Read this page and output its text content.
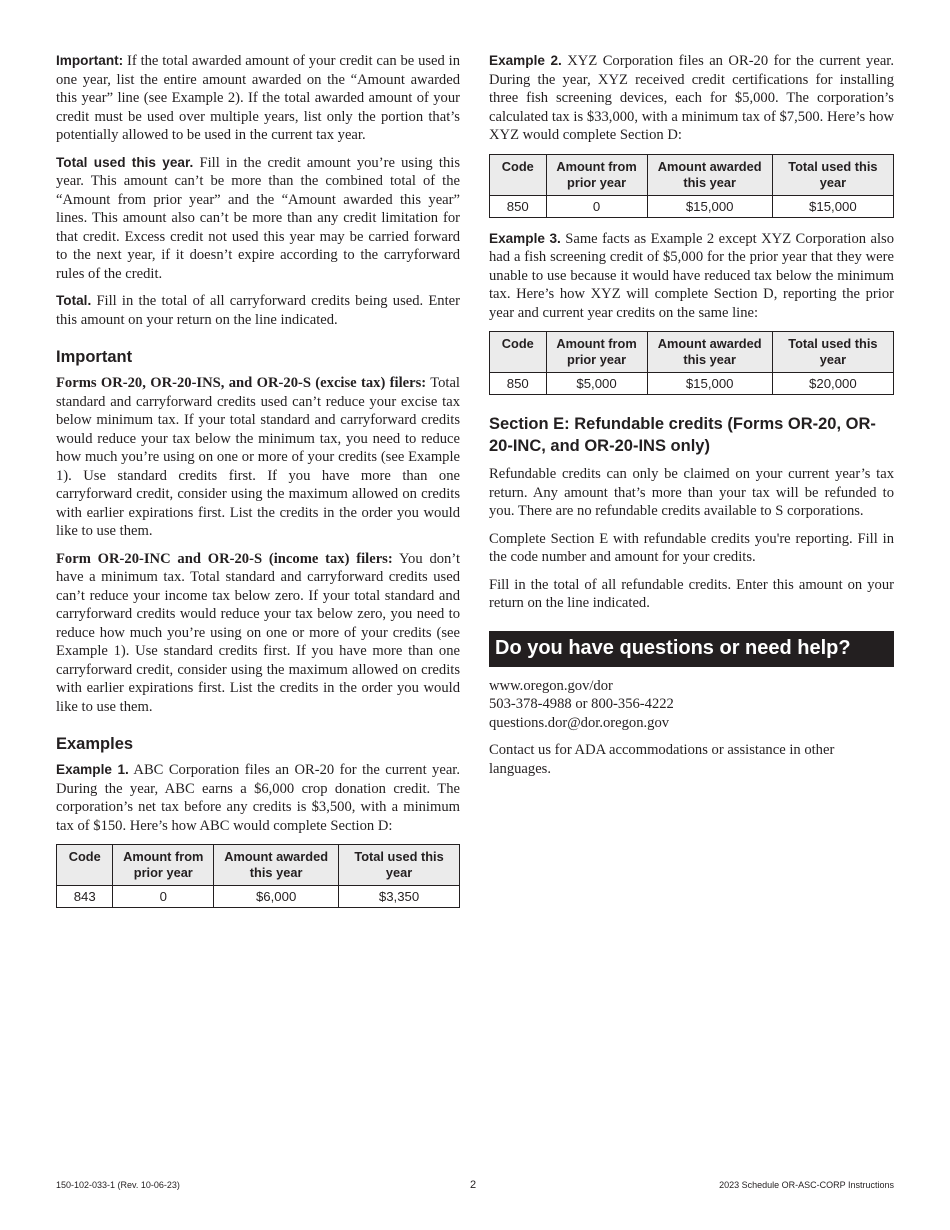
Important: If the total awarded amount of your credit can be used in one year, list the entire amount awarded on the “Amount awarded this year” line (see Example 2). If the total awarded amount of your credit must be used over multiple years, list only the portion that’s potentially allowed to be used in the current tax year.

Total used this year. Fill in the credit amount you’re using this year. This amount can’t be more than the combined total of the “Amount from prior year” and the “Amount awarded this year” lines. This amount also can’t be more than any credit limitation for that credit. Excess credit not used this year may be carried forward to the next year, if it doesn’t expire according to the carryforward rules of the credit.

Total. Fill in the total of all carryforward credits being used. Enter this amount on your return on the line indicated.

Important

Forms OR-20, OR-20-INS, and OR-20-S (excise tax) filers: Total standard and carryforward credits used can’t reduce your excise tax below minimum tax. If your total standard and carryforward credits would reduce your tax below the minimum tax, you need to reduce how much you’re using on one or more of your credits (see Example 1). Use standard credits first. If you have more than one carryforward credit, consider using the maximum allowed on credits with earlier expirations first. List the credits in the order you would like to use them.

Form OR-20-INC and OR-20-S (income tax) filers: You don’t have a minimum tax. Total standard and carryforward credits used can’t reduce your income tax below zero. If your total standard and carryforward credits would reduce your tax below zero, you need to reduce how much you’re using on one or more of your credits (see Example 1). Use standard credits first. If you have more than one carryforward credit, consider using the maximum allowed on credits with earlier expirations first. List the credits in the order you would like to use them.

Examples

Example 1. ABC Corporation files an OR-20 for the current year. During the year, ABC earns a $6,000 crop donation credit. The corporation’s net tax before any credits is $3,500, with a minimum tax of $150. Here’s how ABC would complete Section D:

Code	Amount from prior year	Amount awarded this year	Total used this year
843	0	$6,000	$3,350

Example 2. XYZ Corporation files an OR-20 for the current year. During the year, XYZ received credit certifications for installing three fish screening devices, each for $5,000. The corporation’s calculated tax is $33,000, with a minimum tax of $7,500. Here’s how XYZ would complete Section D:

Code	Amount from prior year	Amount awarded this year	Total used this year
850	0	$15,000	$15,000

Example 3. Same facts as Example 2 except XYZ Corporation also had a fish screening credit of $5,000 for the prior year that they were unable to use because it would have reduced tax below the minimum tax. Here’s how XYZ will complete Section D, reporting the prior year and current year credits on the same line:

Code	Amount from prior year	Amount awarded this year	Total used this year
850	$5,000	$15,000	$20,000
Section E: Refundable credits (Forms OR-20, OR-20-INC, and OR-20-INS only)

Refundable credits can only be claimed on your current year’s tax return. Any amount that’s more than your tax will be refunded to you. There are no refundable credits available to S corporations.

Complete Section E with refundable credits you're reporting. Fill in the code number and amount for your credits.

Fill in the total of all refundable credits. Enter this amount on your return on the line indicated.

Do you have questions or need help?

www.oregon.gov/dor

503-378-4988 or 800-356-4222

questions.dor@dor.oregon.gov

Contact us for ADA accommodations or assistance in other languages.

150-102-033-1 (Rev. 10-06-23)	2	2023 Schedule OR-ASC-CORP Instructions
